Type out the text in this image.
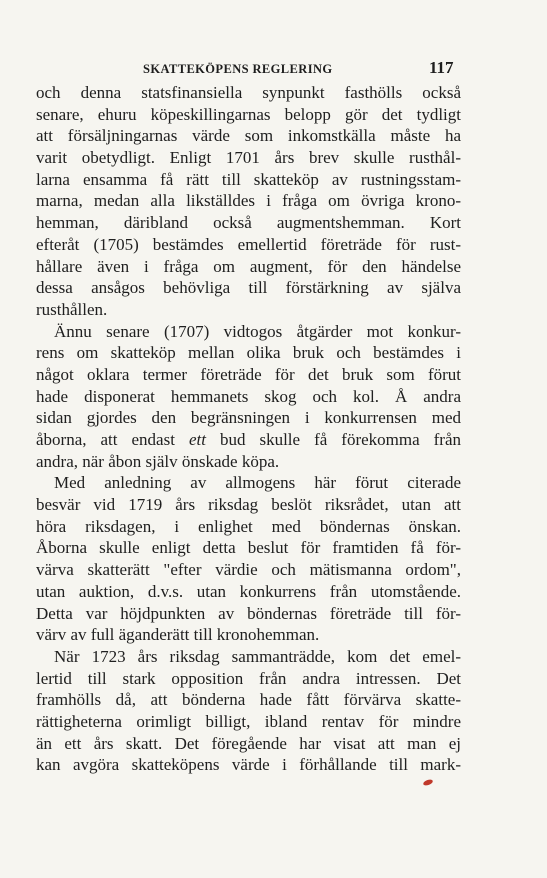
SKATTEKÖPENS REGLERING	117
och denna statsfinansiella synpunkt fasthölls också
senare, ehuru köpeskillingarnas belopp gör det tydligt
att försäljningarnas värde som inkomstkälla måste ha
varit obetydligt. Enligt 1701 års brev skulle rusthål-
larna ensamma få rätt till skatteköp av rustningsstam-
marna, medan alla likställdes i fråga om övriga krono-
hemman, däribland också augmentshemman. Kort
efteråt (1705) bestämdes emellertid företräde för rust-
hållare även i fråga om augment, för den händelse
dessa ansågos behövliga till förstärkning av själva
rusthållen.
Ännu senare (1707) vidtogos åtgärder mot konkur-
rens om skatteköp mellan olika bruk och bestämdes i
något oklara termer företräde för det bruk som förut
hade disponerat hemmanets skog och kol. Å andra
sidan gjordes den begränsningen i konkurrensen med
åborna, att endast ett bud skulle få förekomma från
andra, när åbon själv önskade köpa.
Med anledning av allmogens här förut citerade
besvär vid 1719 års riksdag beslöt riksrådet, utan att
höra riksdagen, i enlighet med böndernas önskan.
Åborna skulle enligt detta beslut för framtiden få för-
värva skatterätt "efter värdie och mätismanna ordom",
utan auktion, d.v.s. utan konkurrens från utomstående.
Detta var höjdpunkten av böndernas företräde till för-
värv av full äganderätt till kronohemman.
När 1723 års riksdag sammanträdde, kom det emel-
lertid till stark opposition från andra intressen. Det
framhölls då, att bönderna hade fått förvärva skatte-
rättigheterna orimligt billigt, ibland rentav för mindre
än ett års skatt. Det föregående har visat att man ej
kan avgöra skatteköpens värde i förhållande till mark-
